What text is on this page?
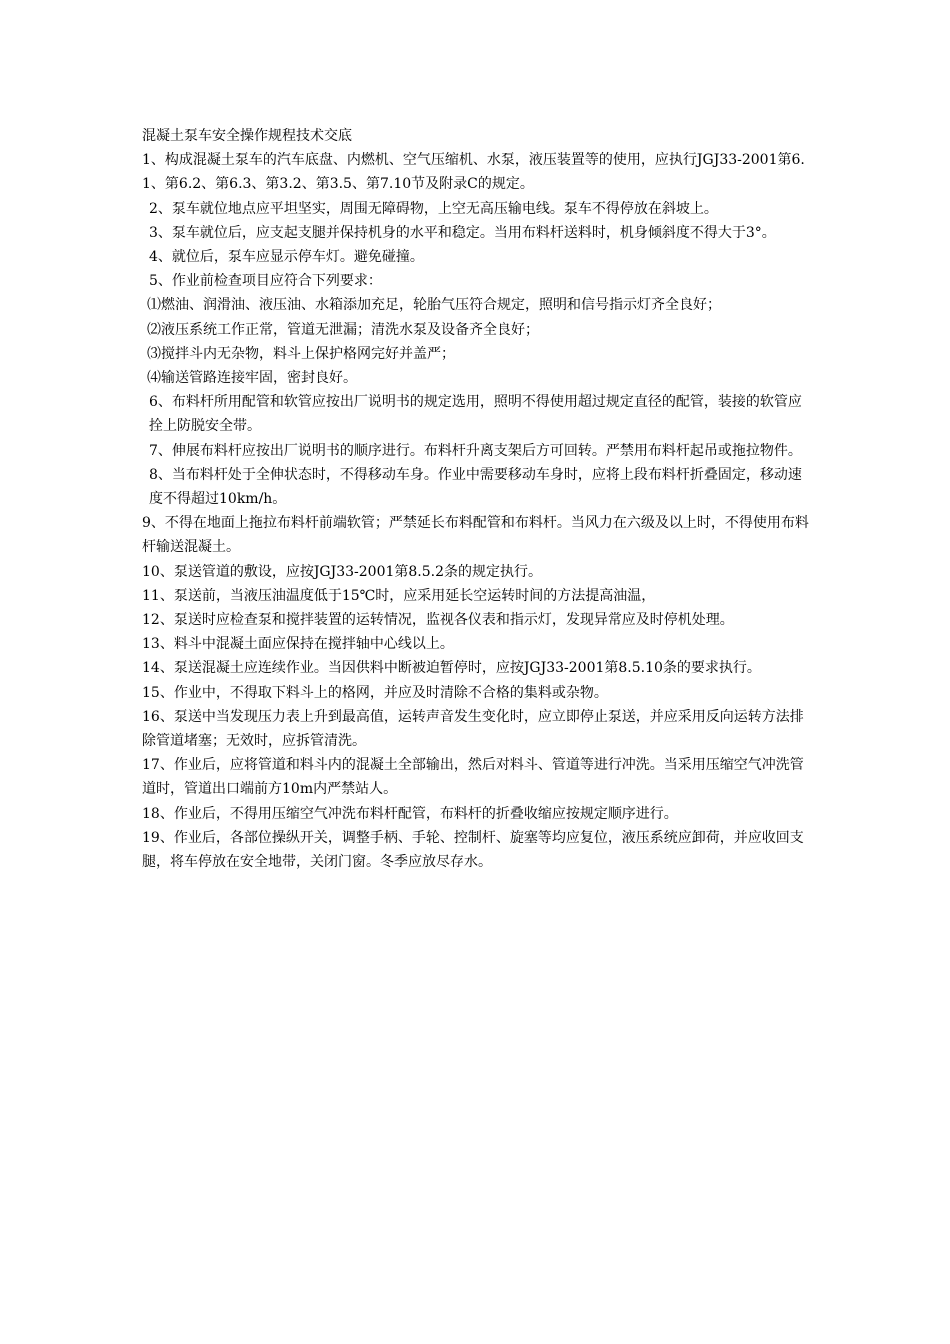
混凝土泵车安全操作规程技术交底

1、构成混凝土泵车的汽车底盘、内燃机、空气压缩机、水泵，液压装置等的使用，应执行JGJ33-2001第6.1、第6.2、第6.3、第3.2、第3.5、第7.10节及附录C的规定。

2、泵车就位地点应平坦坚实，周围无障碍物，上空无高压输电线。泵车不得停放在斜坡上。

3、泵车就位后，应支起支腿并保持机身的水平和稳定。当用布料杆送料时，机身倾斜度不得大于3°。

4、就位后，泵车应显示停车灯。避免碰撞。

5、作业前检查项目应符合下列要求：

⑴燃油、润滑油、液压油、水箱添加充足，轮胎气压符合规定，照明和信号指示灯齐全良好；

⑵液压系统工作正常，管道无泄漏；清洗水泵及设备齐全良好；

⑶搅拌斗内无杂物，料斗上保护格网完好并盖严；

⑷输送管路连接牢固，密封良好。

6、布料杆所用配管和软管应按出厂说明书的规定选用，照明不得使用超过规定直径的配管，装接的软管应拴上防脱安全带。

7、伸展布料杆应按出厂说明书的顺序进行。布料杆升离支架后方可回转。严禁用布料杆起吊或拖拉物件。

8、当布料杆处于全伸状态时，不得移动车身。作业中需要移动车身时，应将上段布料杆折叠固定，移动速度不得超过10km/h。

9、不得在地面上拖拉布料杆前端软管；严禁延长布料配管和布料杆。当风力在六级及以上时，不得使用布料杆输送混凝土。

10、泵送管道的敷设，应按JGJ33-2001第8.5.2条的规定执行。

11、泵送前，当液压油温度低于15℃时，应采用延长空运转时间的方法提高油温，

12、泵送时应检查泵和搅拌装置的运转情况，监视各仪表和指示灯，发现异常应及时停机处理。

13、料斗中混凝土面应保持在搅拌轴中心线以上。

14、泵送混凝土应连续作业。当因供料中断被迫暂停时，应按JGJ33-2001第8.5.10条的要求执行。

15、作业中，不得取下料斗上的格网，并应及时清除不合格的集料或杂物。

16、泵送中当发现压力表上升到最高值，运转声音发生变化时，应立即停止泵送，并应采用反向运转方法排除管道堵塞；无效时，应拆管清洗。

17、作业后，应将管道和料斗内的混凝土全部输出，然后对料斗、管道等进行冲洗。当采用压缩空气冲洗管道时，管道出口端前方10m内严禁站人。

18、作业后，不得用压缩空气冲洗布料杆配管，布料杆的折叠收缩应按规定顺序进行。

19、作业后，各部位操纵开关，调整手柄、手轮、控制杆、旋塞等均应复位，液压系统应卸荷，并应收回支腿，将车停放在安全地带，关闭门窗。冬季应放尽存水。
